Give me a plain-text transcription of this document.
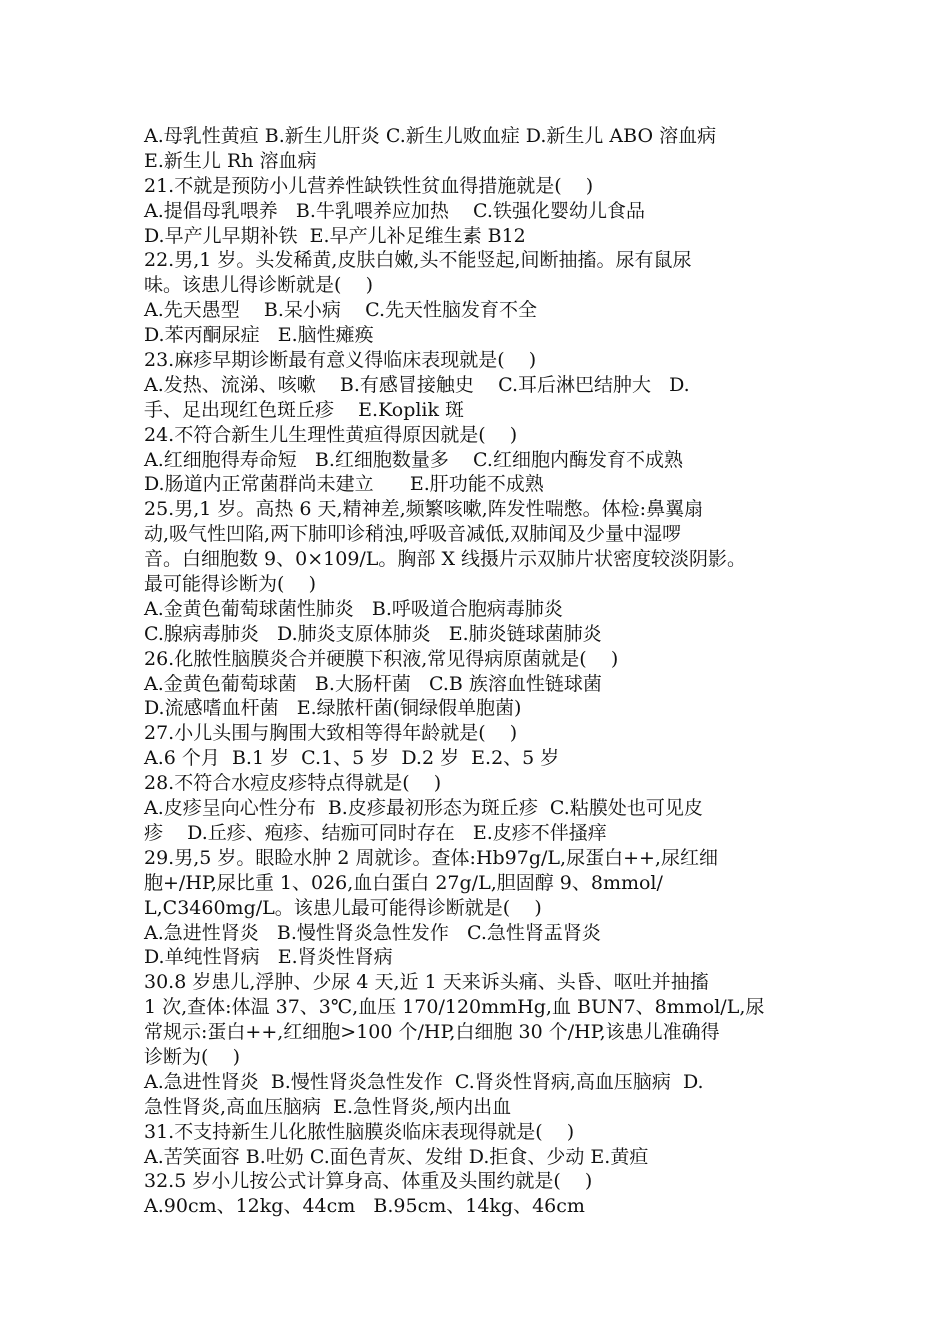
A.母乳性黄疸 B.新生儿肝炎 C.新生儿败血症 D.新生儿 ABO 溶血病
E.新生儿 Rh 溶血病
21.不就是预防小儿营养性缺铁性贫血得措施就是(    )
A.提倡母乳喂养   B.牛乳喂养应加热    C.铁强化婴幼儿食品
D.早产儿早期补铁  E.早产儿补足维生素 B12
22.男,1 岁。头发稀黄,皮肤白嫩,头不能竖起,间断抽搐。尿有鼠尿
味。该患儿得诊断就是(    )
A.先天愚型    B.呆小病    C.先天性脑发育不全
D.苯丙酮尿症   E.脑性瘫痪
23.麻疹早期诊断最有意义得临床表现就是(    )
A.发热、流涕、咳嗽    B.有感冒接触史    C.耳后淋巴结肿大   D.
手、足出现红色斑丘疹    E.Koplik 斑
24.不符合新生儿生理性黄疸得原因就是(    )
A.红细胞得寿命短   B.红细胞数量多    C.红细胞内酶发育不成熟
D.肠道内正常菌群尚未建立      E.肝功能不成熟
25.男,1 岁。高热 6 天,精神差,频繁咳嗽,阵发性喘憋。体检:鼻翼扇
动,吸气性凹陷,两下肺叩诊稍浊,呼吸音减低,双肺闻及少量中湿啰
音。白细胞数 9、0×109/L。胸部 X 线摄片示双肺片状密度较淡阴影。
最可能得诊断为(    )
A.金黄色葡萄球菌性肺炎   B.呼吸道合胞病毒肺炎
C.腺病毒肺炎   D.肺炎支原体肺炎   E.肺炎链球菌肺炎
26.化脓性脑膜炎合并硬膜下积液,常见得病原菌就是(    )
A.金黄色葡萄球菌   B.大肠杆菌   C.B 族溶血性链球菌
D.流感嗜血杆菌   E.绿脓杆菌(铜绿假单胞菌)
27.小儿头围与胸围大致相等得年龄就是(    )
A.6 个月  B.1 岁  C.1、5 岁  D.2 岁  E.2、5 岁
28.不符合水痘皮疹特点得就是(    )
A.皮疹呈向心性分布  B.皮疹最初形态为斑丘疹  C.粘膜处也可见皮
疹    D.丘疹、疱疹、结痂可同时存在   E.皮疹不伴搔痒
29.男,5 岁。眼睑水肿 2 周就诊。查体:Hb97g/L,尿蛋白++,尿红细
胞+/HP,尿比重 1、026,血白蛋白 27g/L,胆固醇 9、8mmol/
L,C3460mg/L。该患儿最可能得诊断就是(    )
A.急进性肾炎   B.慢性肾炎急性发作   C.急性肾盂肾炎
D.单纯性肾病   E.肾炎性肾病
30.8 岁患儿,浮肿、少尿 4 天,近 1 天来诉头痛、头昏、呕吐并抽搐
1 次,查体:体温 37、3℃,血压 170/120mmHg,血 BUN7、8mmol/L,尿
常规示:蛋白++,红细胞>100 个/HP,白细胞 30 个/HP,该患儿准确得
诊断为(    )
A.急进性肾炎  B.慢性肾炎急性发作  C.肾炎性肾病,高血压脑病  D.
急性肾炎,高血压脑病  E.急性肾炎,颅内出血
31.不支持新生儿化脓性脑膜炎临床表现得就是(    )
A.苦笑面容 B.吐奶 C.面色青灰、发绀 D.拒食、少动 E.黄疸
32.5 岁小儿按公式计算身高、体重及头围约就是(    )
A.90cm、12kg、44cm   B.95cm、14kg、46cm
